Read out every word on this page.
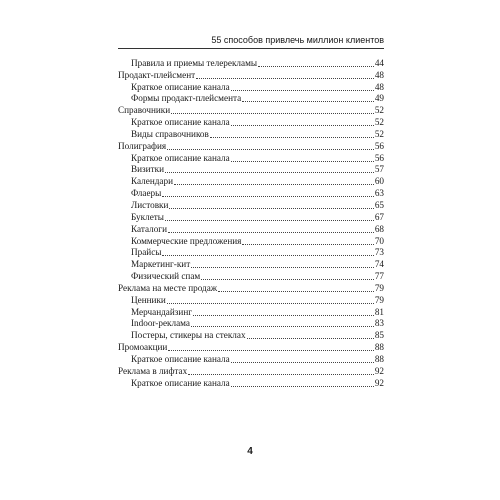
55 способов привлечь миллион клиентов
Правила и приемы телерекламы	44
Продакт-плейсмент	48
Краткое описание канала	48
Формы продакт-плейсмента	49
Справочники	52
Краткое описание канала	52
Виды справочников	52
Полиграфия	56
Краткое описание канала	56
Визитки	57
Календари	60
Флаеры	63
Листовки	65
Буклеты	67
Каталоги	68
Коммерческие предложения	70
Прайсы	73
Маркетинг-кит	74
Физический спам	77
Реклама на месте продаж	79
Ценники	79
Мерчандайзинг	81
Indoor-реклама	83
Постеры, стикеры на стеклах	85
Промоакции	88
Краткое описание канала	88
Реклама в лифтах	92
Краткое описание канала	92
4
